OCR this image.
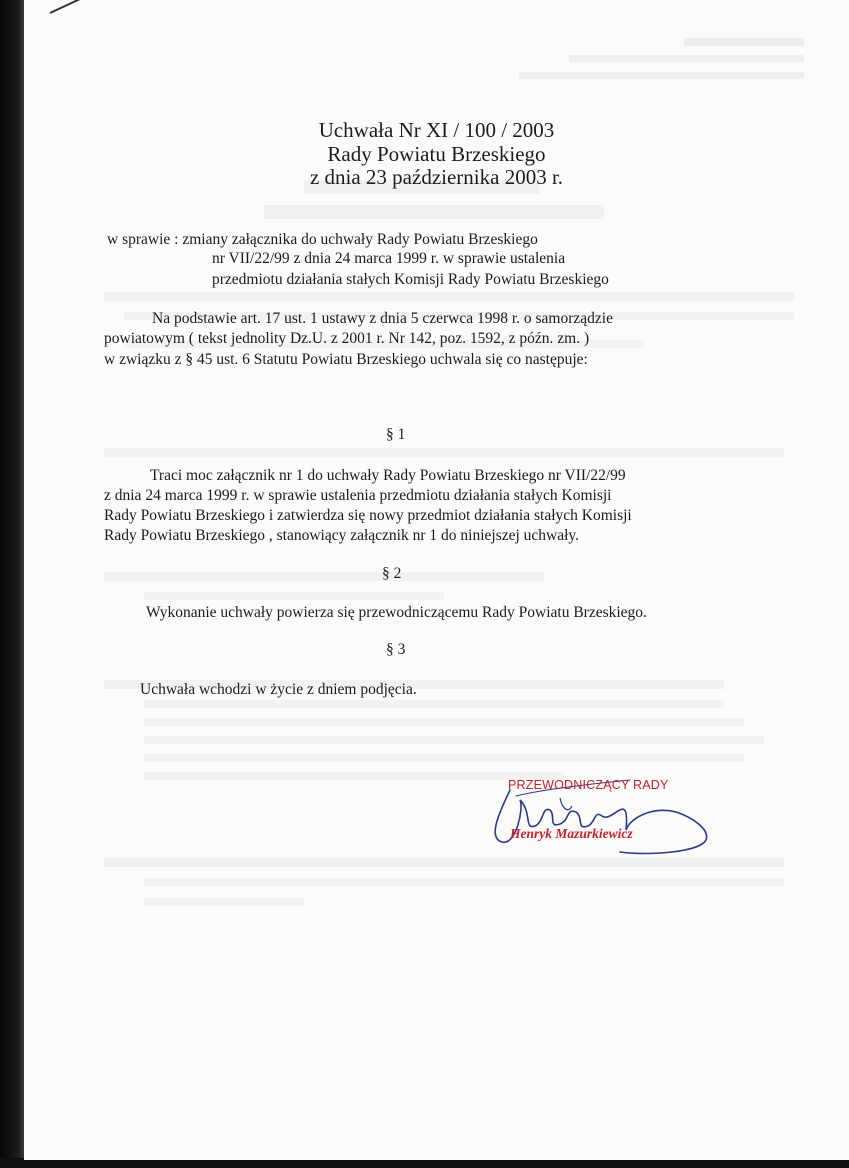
Uchwała Nr XI / 100 / 2003
Rady Powiatu Brzeskiego
z dnia 23 października 2003 r.
w sprawie : zmiany załącznika do uchwały Rady Powiatu Brzeskiego
nr VII/22/99 z dnia 24 marca 1999 r. w sprawie ustalenia
przedmiotu działania stałych Komisji Rady Powiatu Brzeskiego
Na podstawie art. 17 ust. 1 ustawy z dnia 5 czerwca 1998 r. o samorządzie
powiatowym ( tekst jednolity Dz.U. z 2001 r. Nr 142, poz. 1592, z późn. zm. )
w związku z § 45 ust. 6 Statutu Powiatu Brzeskiego uchwala się co następuje:
§ 1
Traci moc załącznik nr 1 do uchwały Rady Powiatu Brzeskiego nr VII/22/99
z dnia 24 marca 1999 r. w sprawie ustalenia przedmiotu działania stałych Komisji
Rady Powiatu Brzeskiego i zatwierdza się nowy przedmiot działania stałych Komisji
Rady Powiatu Brzeskiego , stanowiący załącznik nr 1 do niniejszej uchwały.
§ 2
Wykonanie uchwały powierza się przewodniczącemu Rady Powiatu Brzeskiego.
§ 3
Uchwała wchodzi w życie z dniem podjęcia.
PRZEWODNICZĄCY RADY
Henryk Mazurkiewicz
